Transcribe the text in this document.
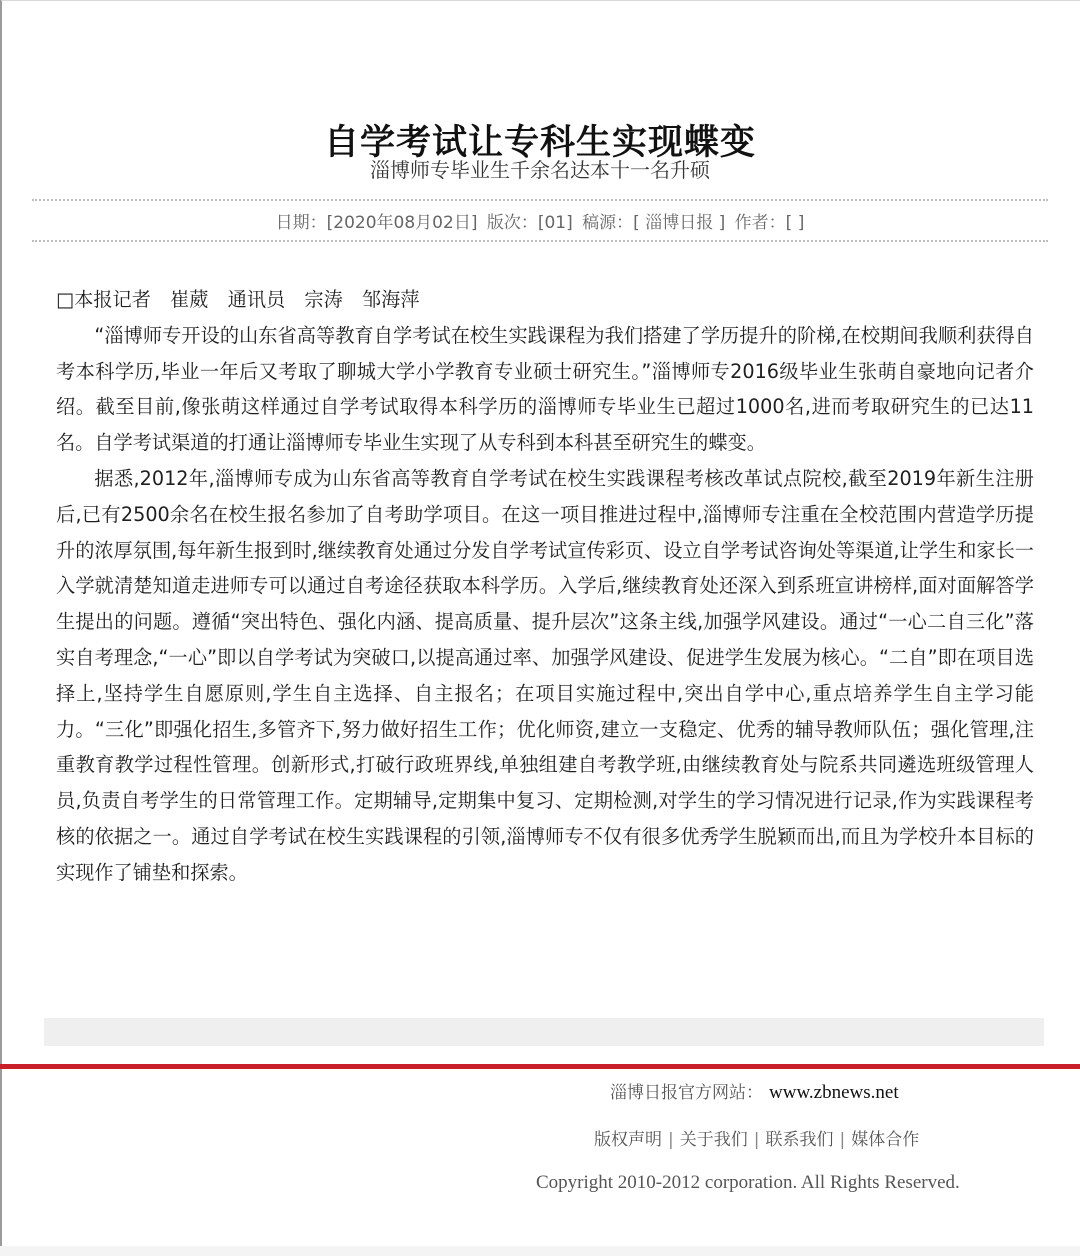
自学考试让专科生实现蝶变
淄博师专毕业生千余名达本十一名升硕
日期：[2020年08月02日] 版次：[01] 稿源：[ 淄博日报 ] 作者：[ ]

□本报记者　崔葳　通讯员　宗涛　邹海萍

“淄博师专开设的山东省高等教育自学考试在校生实践课程为我们搭建了学历提升的阶梯,在校期间我顺利获得自考本科学历,毕业一年后又考取了聊城大学小学教育专业硕士研究生。”淄博师专2016级毕业生张萌自豪地向记者介绍。截至目前,像张萌这样通过自学考试取得本科学历的淄博师专毕业生已超过1000名,进而考取研究生的已达11名。自学考试渠道的打通让淄博师专毕业生实现了从专科到本科甚至研究生的蝶变。

据悉,2012年,淄博师专成为山东省高等教育自学考试在校生实践课程考核改革试点院校,截至2019年新生注册后,已有2500余名在校生报名参加了自考助学项目。在这一项目推进过程中,淄博师专注重在全校范围内营造学历提升的浓厚氛围,每年新生报到时,继续教育处通过分发自学考试宣传彩页、设立自学考试咨询处等渠道,让学生和家长一入学就清楚知道走进师专可以通过自考途径获取本科学历。入学后,继续教育处还深入到系班宣讲榜样,面对面解答学生提出的问题。遵循“突出特色、强化内涵、提高质量、提升层次”这条主线,加强学风建设。通过“一心二自三化”落实自考理念,“一心”即以自学考试为突破口,以提高通过率、加强学风建设、促进学生发展为核心。“二自”即在项目选择上,坚持学生自愿原则,学生自主选择、自主报名；在项目实施过程中,突出自学中心,重点培养学生自主学习能力。“三化”即强化招生,多管齐下,努力做好招生工作；优化师资,建立一支稳定、优秀的辅导教师队伍；强化管理,注重教育教学过程性管理。创新形式,打破行政班界线,单独组建自考教学班,由继续教育处与院系共同遴选班级管理人员,负责自考学生的日常管理工作。定期辅导,定期集中复习、定期检测,对学生的学习情况进行记录,作为实践课程考核的依据之一。通过自学考试在校生实践课程的引领,淄博师专不仅有很多优秀学生脱颖而出,而且为学校升本目标的实现作了铺垫和探索。

淄博日报官方网站： www.zbnews.net
版权声明 | 关于我们 | 联系我们 | 媒体合作
Copyright 2010-2012 corporation. All Rights Reserved.
